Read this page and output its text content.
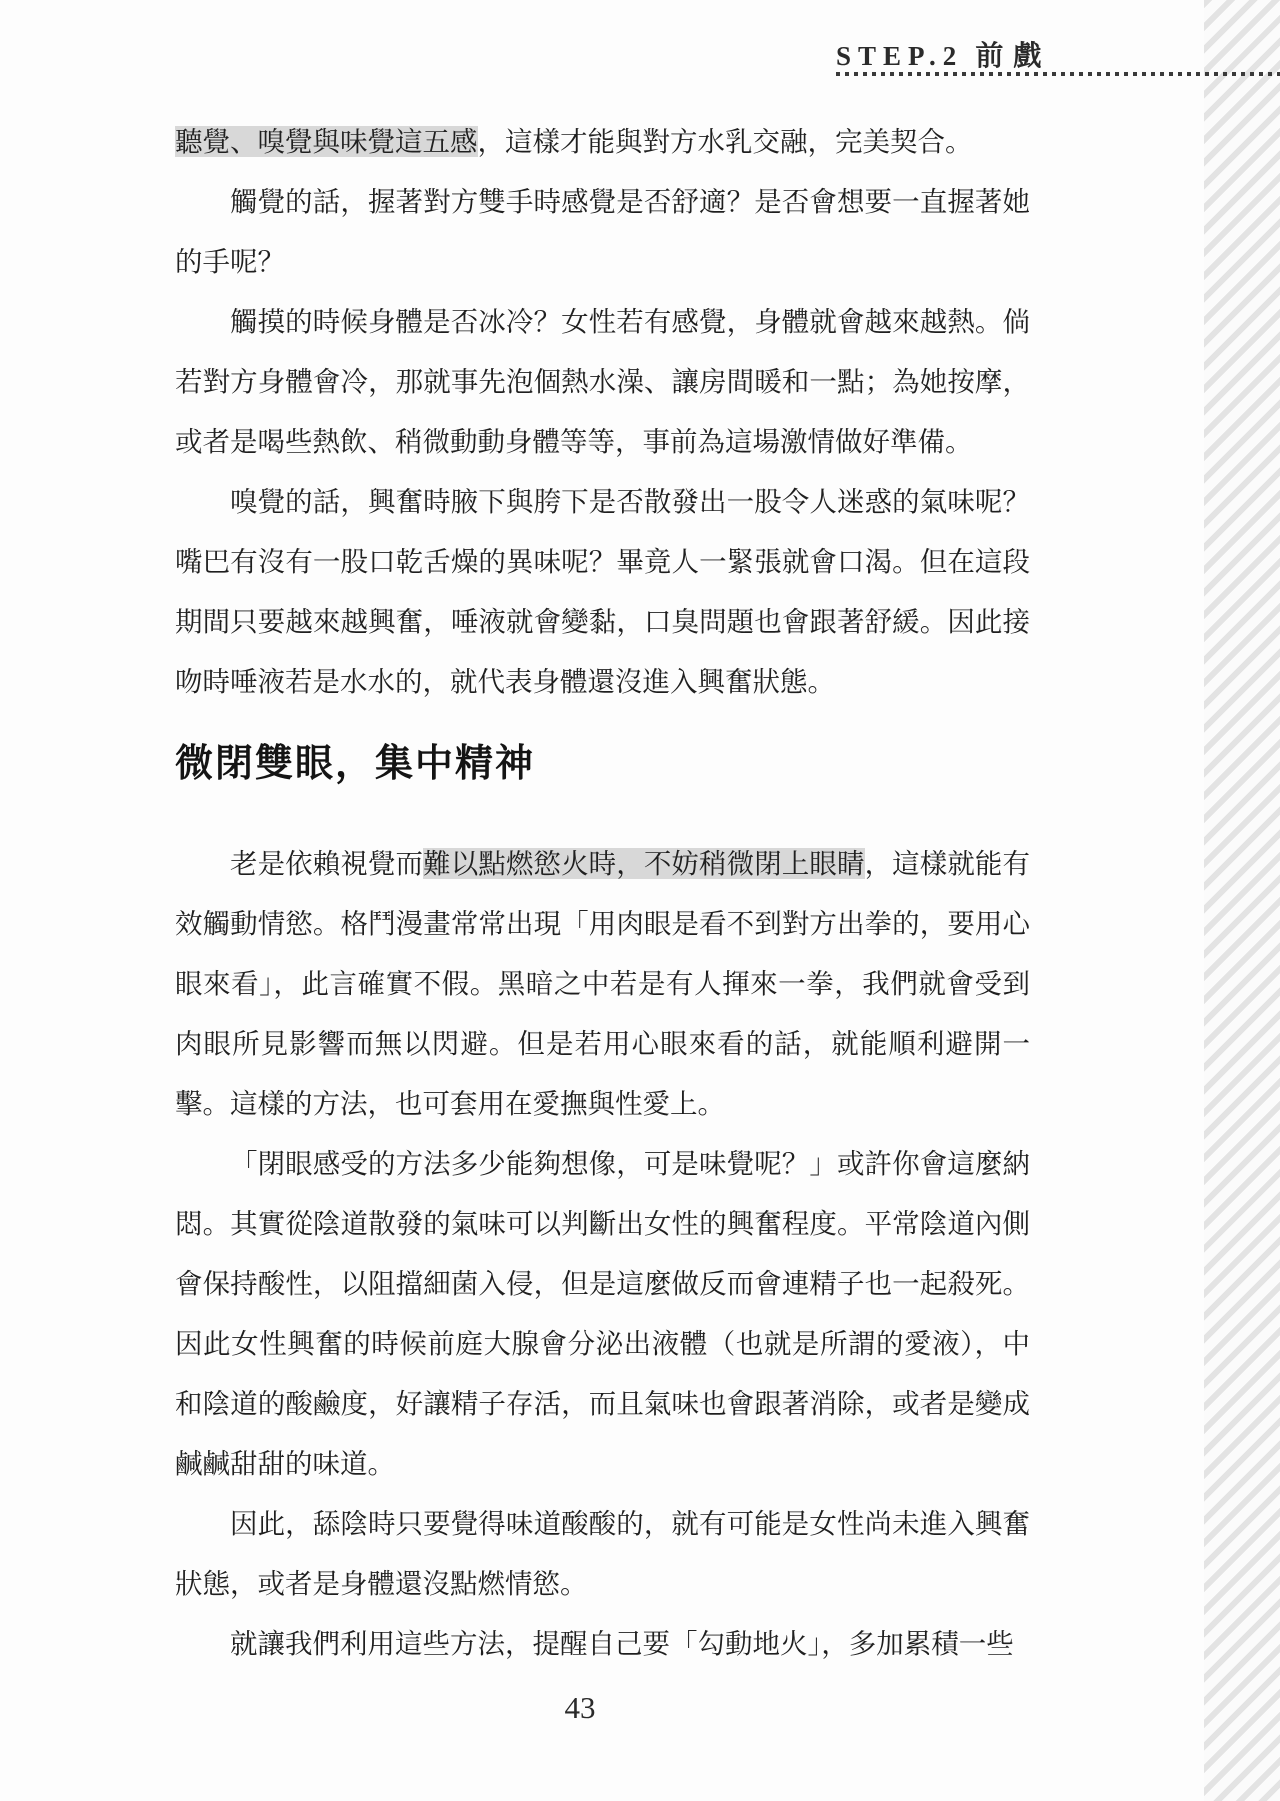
STEP.2 前戲

聽覺、嗅覺與味覺這五感，這樣才能與對方水乳交融，完美契合。

觸覺的話，握著對方雙手時感覺是否舒適？是否會想要一直握著她的手呢？

觸摸的時候身體是否冰冷？女性若有感覺，身體就會越來越熱。倘若對方身體會冷，那就事先泡個熱水澡、讓房間暖和一點；為她按摩，或者是喝些熱飲、稍微動動身體等等，事前為這場激情做好準備。

嗅覺的話，興奮時腋下與胯下是否散發出一股令人迷惑的氣味呢？嘴巴有沒有一股口乾舌燥的異味呢？畢竟人一緊張就會口渴。但在這段期間只要越來越興奮，唾液就會變黏，口臭問題也會跟著舒緩。因此接吻時唾液若是水水的，就代表身體還沒進入興奮狀態。

微閉雙眼，集中精神

老是依賴視覺而難以點燃慾火時，不妨稍微閉上眼睛，這樣就能有效觸動情慾。格鬥漫畫常常出現「用肉眼是看不到對方出拳的，要用心眼來看」，此言確實不假。黑暗之中若是有人揮來一拳，我們就會受到肉眼所見影響而無以閃避。但是若用心眼來看的話，就能順利避開一擊。這樣的方法，也可套用在愛撫與性愛上。

「閉眼感受的方法多少能夠想像，可是味覺呢？」或許你會這麼納悶。其實從陰道散發的氣味可以判斷出女性的興奮程度。平常陰道內側會保持酸性，以阻擋細菌入侵，但是這麼做反而會連精子也一起殺死。因此女性興奮的時候前庭大腺會分泌出液體（也就是所謂的愛液），中和陰道的酸鹼度，好讓精子存活，而且氣味也會跟著消除，或者是變成鹹鹹甜甜的味道。

因此，舔陰時只要覺得味道酸酸的，就有可能是女性尚未進入興奮狀態，或者是身體還沒點燃情慾。

就讓我們利用這些方法，提醒自己要「勾動地火」，多加累積一些

43
